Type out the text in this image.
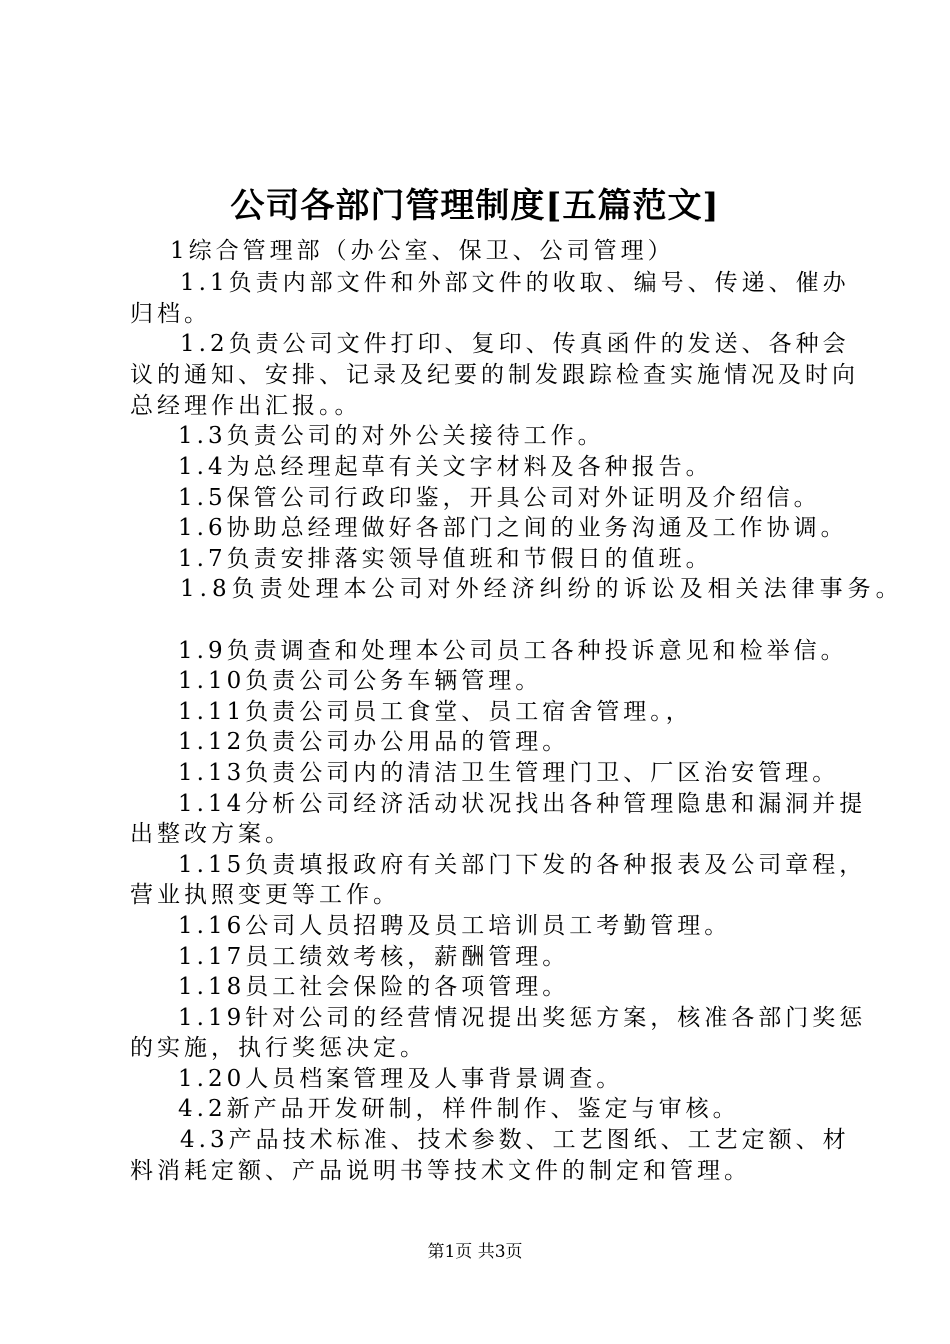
公司各部门管理制度[五篇范文]
1综合管理部（办公室、保卫、公司管理）
1.1负责内部文件和外部文件的收取、编号、传递、催办
归档。
1.2负责公司文件打印、复印、传真函件的发送、各种会
议的通知、安排、记录及纪要的制发跟踪检查实施情况及时向
总经理作出汇报。。
1.3负责公司的对外公关接待工作。
1.4为总经理起草有关文字材料及各种报告。
1.5保管公司行政印鉴，开具公司对外证明及介绍信。
1.6协助总经理做好各部门之间的业务沟通及工作协调。
1.7负责安排落实领导值班和节假日的值班。
1.8负责处理本公司对外经济纠纷的诉讼及相关法律事务。
1.9负责调查和处理本公司员工各种投诉意见和检举信。
1.10负责公司公务车辆管理。
1.11负责公司员工食堂、员工宿舍管理。，
1.12负责公司办公用品的管理。
1.13负责公司内的清洁卫生管理门卫、厂区治安管理。
1.14分析公司经济活动状况找出各种管理隐患和漏洞并提
出整改方案。
1.15负责填报政府有关部门下发的各种报表及公司章程，
营业执照变更等工作。
1.16公司人员招聘及员工培训员工考勤管理。
1.17员工绩效考核，薪酬管理。
1.18员工社会保险的各项管理。
1.19针对公司的经营情况提出奖惩方案，核准各部门奖惩
的实施，执行奖惩决定。
1.20人员档案管理及人事背景调查。
4.2新产品开发研制，样件制作、鉴定与审核。
4.3产品技术标准、技术参数、工艺图纸、工艺定额、材
料消耗定额、产品说明书等技术文件的制定和管理。
第1页 共3页
